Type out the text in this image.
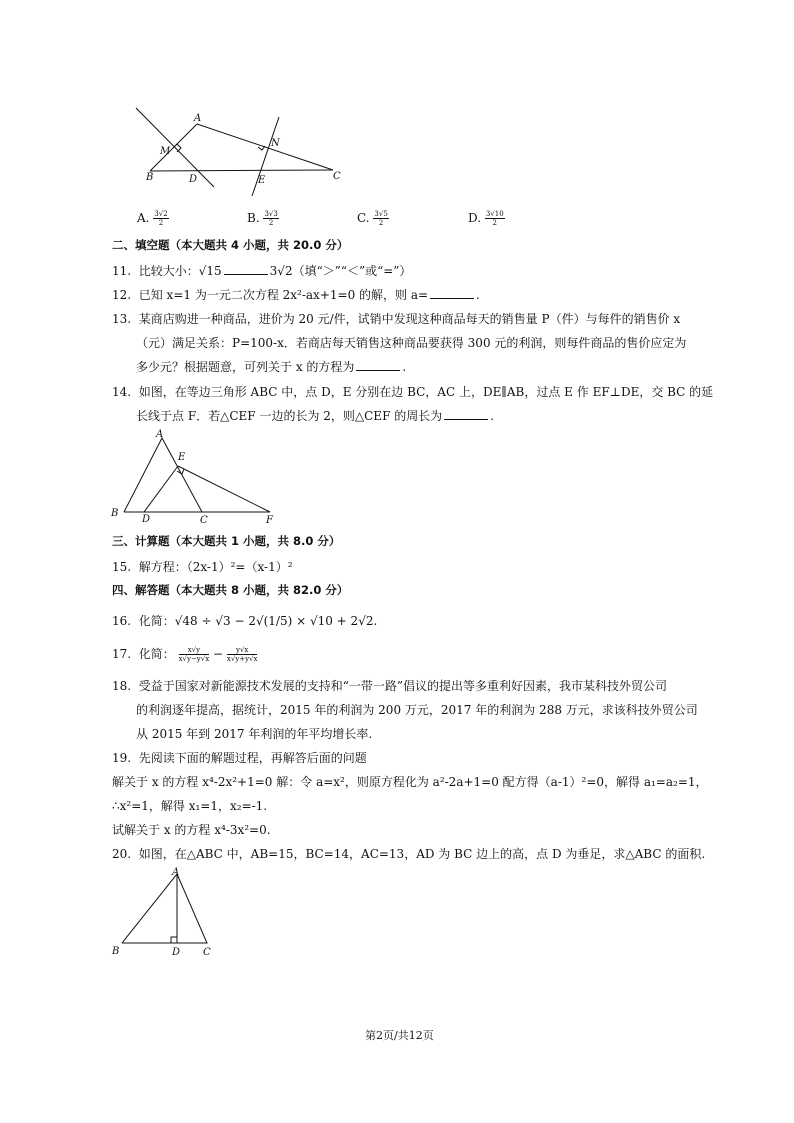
A
M
N
B	D	E	C
A. $\frac{3√2}{2}$	B. $\frac{3√3}{2}$	C. $\frac{3√5}{2}$	D. $\frac{3√10}{2}$
二、填空题（本大题共 4 小题，共 20.0 分）
11. 比较大小：√15	3√2（填“＞”“＜”或“=”）
12. 已知 x=1 为一元二次方程 2x²-ax+1=0 的解，则 a=	.
13. 某商店购进一种商品，进价为 20 元/件，试销中发现这种商品每天的销售量 P（件）与每件的销售价 x
（元）满足关系：P=100-x．若商店每天销售这种商品要获得 300 元的利润，则每件商品的售价应定为
多少元？根据题意，可列关于 x 的方程为	.
14. 如图，在等边三角形 ABC 中，点 D，E 分别在边 BC，AC 上，DE∥AB，过点 E 作 EF⊥DE，交 BC 的延
长线于点 F．若△CEF 一边的长为 2，则△CEF 的周长为	.
A
E
B
D	C	F
三、计算题（本大题共 1 小题，共 8.0 分）
15. 解方程：（2x-1）²=（x-1）²
四、解答题（本大题共 8 小题，共 82.0 分）
16. 化简：√48 ÷ √3 − 2√(1/5) × √10 + 2√2.
17. 化简： $\frac{x√y}{x√y-y√x} - \frac{y√x}{x√y+y√x}$
18. 受益于国家对新能源技术发展的支持和“一带一路”倡议的提出等多重利好因素，我市某科技外贸公司
的利润逐年提高，据统计，2015 年的利润为 200 万元，2017 年的利润为 288 万元，求该科技外贸公司
从 2015 年到 2017 年利润的年平均增长率.
19. 先阅读下面的解题过程，再解答后面的问题
解关于 x 的方程 x⁴-2x²+1=0 解：令 a=x²，则原方程化为 a²-2a+1=0 配方得（a-1）²=0，解得 a₁=a₂=1，
∴x²=1，解得 x₁=1，x₂=-1.
试解关于 x 的方程 x⁴-3x²=0.
20. 如图，在△ABC 中，AB=15，BC=14，AC=13，AD 为 BC 边上的高，点 D 为垂足，求△ABC 的面积.
A
B	D C
第2页/共12页
